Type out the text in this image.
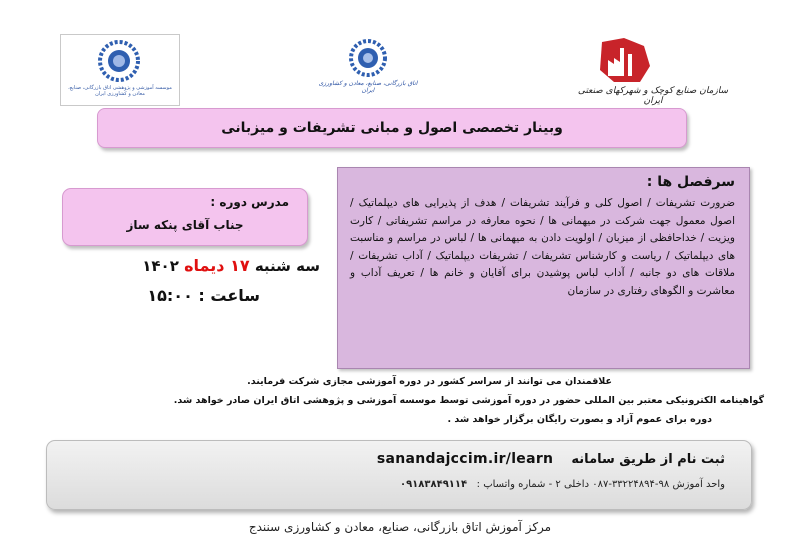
موسسه آموزشی و پژوهشی اتاق بازرگانی، صنایع، معادن و کشاورزی ایران
اتاق بازرگانی، صنایع، معادن و کشاورزی ایران	سازمان صنایع کوچک و شهرکهای صنعتی ایران
وبینار تخصصی اصول و مبانی تشریفات و میزبانی
سرفصل ها :
ضرورت تشریفات / اصول کلی و فرآیند تشریفات / هدف از پذیرایی های دیپلماتیک / اصول معمول جهت شرکت در میهمانی ها / نحوه معارفه در مراسم تشریفاتی / کارت ویزیت / خداحافظی از میزبان / اولویت دادن به میهمانی ها / لباس در مراسم و مناسبت های دیپلماتیک / ریاست و کارشناس تشریفات / تشریفات دیپلماتیک / آداب تشریفات / ملاقات های دو جانبه / آداب لباس پوشیدن برای آقایان و خانم ها / تعریف آداب و معاشرت و الگوهای رفتاری در سازمان
مدرس دوره :
جناب آقای پنکه ساز
سه شنبه ۱۷ دیماه ۱۴۰۲
ساعت : ۱۵:۰۰
علاقمندان می توانند از سراسر کشور در دوره آموزشی مجازی شرکت فرمایند.
گواهینامه الکترونیکی معتبر بین المللی حضور در دوره آموزشی توسط موسسه آموزشی و پژوهشی اتاق ایران صادر خواهد شد.
دوره برای عموم آزاد و بصورت رایگان برگزار خواهد شد .
ثبت نام از طریق سامانه    sanandajccim.ir/learn
واحد آموزش ۹۸-۳۳۲۲۴۸۹۴-۰۸۷ داخلی ۲ - شماره واتساپ :   ۰۹۱۸۳۸۴۹۱۱۴
مرکز آموزش اتاق بازرگانی، صنایع، معادن و کشاورزی سنندج
